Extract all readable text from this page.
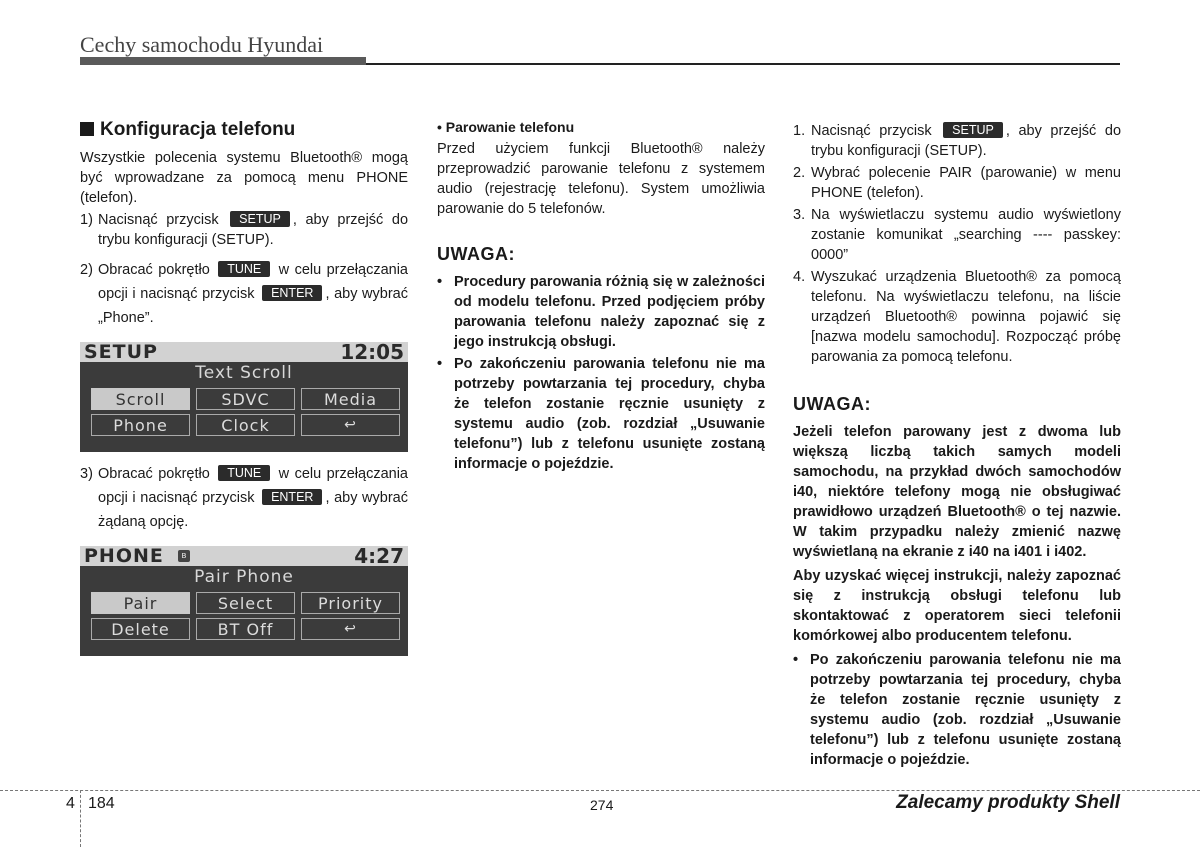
Cechy samochodu Hyundai
Konfiguracja telefonu

Wszystkie polecenia systemu Bluetooth® mogą być wprowadzane za pomocą menu PHONE (telefon).

1) Nacisnąć przycisk SETUP , aby przejść do trybu konfiguracji (SETUP).
2) Obracać pokrętło TUNE w celu przełączania opcji i nacisnąć przycisk ENTER , aby wybrać „Phone”.
SETUP	12:05
Text Scroll
Scroll	SDVC	Media
Phone	Clock	↩
3) Obracać pokrętło TUNE w celu przełączania opcji i nacisnąć przycisk ENTER , aby wybrać żądaną opcję.
PHONE	ʙ	4:27
Pair Phone
Pair	Select	Priority
Delete	BT Off	↩
• Parowanie telefonu

Przed użyciem funkcji Bluetooth® należy przeprowadzić parowanie telefonu z systemem audio (rejestrację telefonu). System umożliwia parowanie do 5 telefonów.

UWAGA:
• Procedury parowania różnią się w zależności od modelu telefonu. Przed podjęciem próby parowania telefonu należy zapoznać się z jego instrukcją obsługi.
• Po zakończeniu parowania telefonu nie ma potrzeby powtarzania tej procedury, chyba że telefon zostanie ręcznie usunięty z systemu audio (zob. rozdział „Usuwanie telefonu”) lub z telefonu usunięte zostaną informacje o pojeździe.
1. Nacisnąć przycisk SETUP , aby przejść do trybu konfiguracji (SETUP).
2. Wybrać polecenie PAIR (parowanie) w menu PHONE (telefon).
3. Na wyświetlaczu systemu audio wyświetlony zostanie komunikat „searching ---- passkey: 0000”
4. Wyszukać urządzenia Bluetooth® za pomocą telefonu. Na wyświetlaczu telefonu, na liście urządzeń Bluetooth® powinna pojawić się [nazwa modelu samochodu]. Rozpocząć próbę parowania za pomocą telefonu.
UWAGA:

Jeżeli telefon parowany jest z dwoma lub większą liczbą takich samych modeli samochodu, na przykład dwóch samochodów i40, niektóre telefony mogą nie obsługiwać prawidłowo urządzeń Bluetooth® o tej nazwie. W takim przypadku należy zmienić nazwę wyświetlaną na ekranie z i40 na i401 i i402.

Aby uzyskać więcej instrukcji, należy zapoznać się z instrukcją obsługi telefonu lub skontaktować z operatorem sieci telefonii komórkowej albo producentem telefonu.

• Po zakończeniu parowania telefonu nie ma potrzeby powtarzania tej procedury, chyba że telefon zostanie ręcznie usunięty z systemu audio (zob. rozdział „Usuwanie telefonu”) lub z telefonu usunięte zostaną informacje o pojeździe.
4 184	274	Zalecamy produkty Shell
